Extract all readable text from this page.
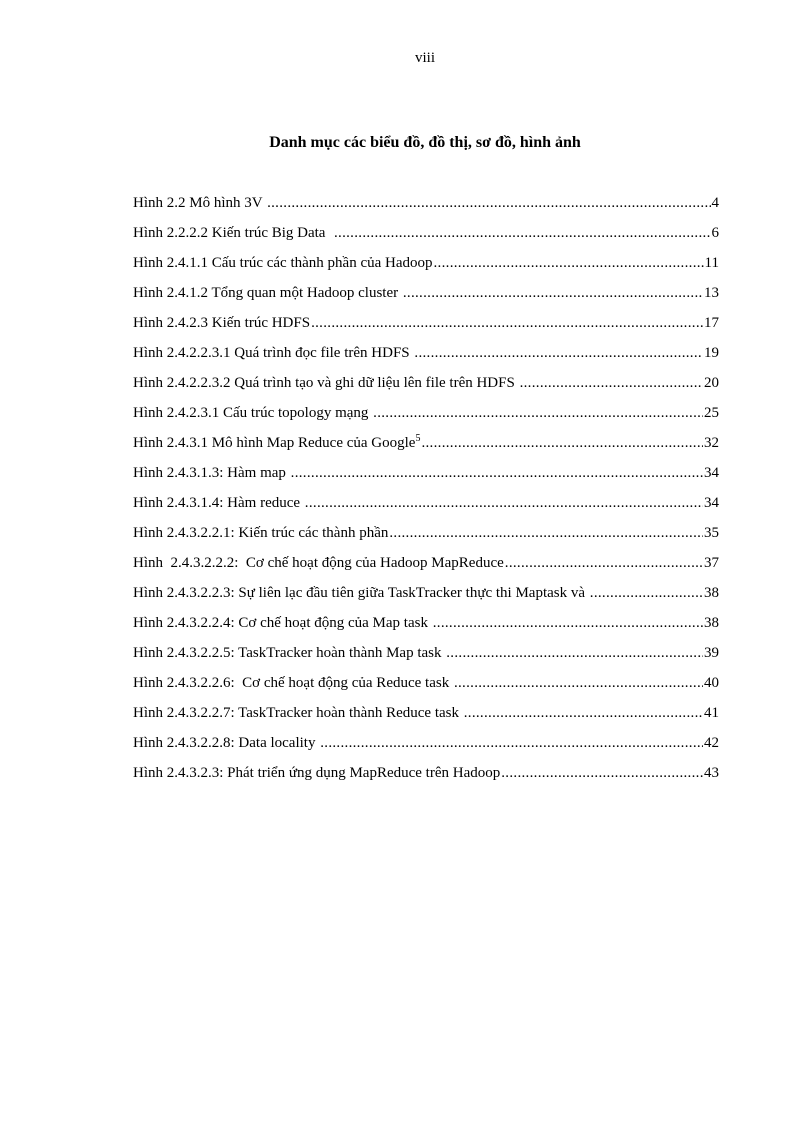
viii
Danh mục các biểu đồ, đồ thị, sơ đồ, hình ảnh
Hình 2.2 Mô hình 3V .....	4
Hình 2.2.2.2 Kiến trúc Big Data .....	6
Hình 2.4.1.1 Cấu trúc các thành phần của Hadoop .....	11
Hình 2.4.1.2 Tổng quan một Hadoop cluster .....	13
Hình 2.4.2.3 Kiến trúc HDFS .....	17
Hình 2.4.2.2.3.1 Quá trình đọc file trên HDFS .....	19
Hình 2.4.2.2.3.2 Quá trình tạo và ghi dữ liệu lên file trên HDFS .....	20
Hình 2.4.2.3.1 Cấu trúc topology mạng .....	25
Hình 2.4.3.1 Mô hình Map Reduce của Google$^5$ .....	32
Hình 2.4.3.1.3: Hàm map .....	34
Hình 2.4.3.1.4: Hàm reduce .....	34
Hình 2.4.3.2.2.1: Kiến trúc các thành phần .....	35
Hình  2.4.3.2.2.2:  Cơ chế hoạt động của Hadoop MapReduce .....	37
Hình 2.4.3.2.2.3: Sự liên lạc đầu tiên giữa TaskTracker thực thi Maptask và .....	38
Hình 2.4.3.2.2.4: Cơ chế hoạt động của Map task .....	38
Hình 2.4.3.2.2.5: TaskTracker hoàn thành Map task .....	39
Hình 2.4.3.2.2.6:  Cơ chế hoạt động của Reduce task .....	40
Hình 2.4.3.2.2.7: TaskTracker hoàn thành Reduce task .....	41
Hình 2.4.3.2.2.8: Data locality .....	42
Hình 2.4.3.2.3: Phát triển ứng dụng MapReduce trên Hadoop .....	43
